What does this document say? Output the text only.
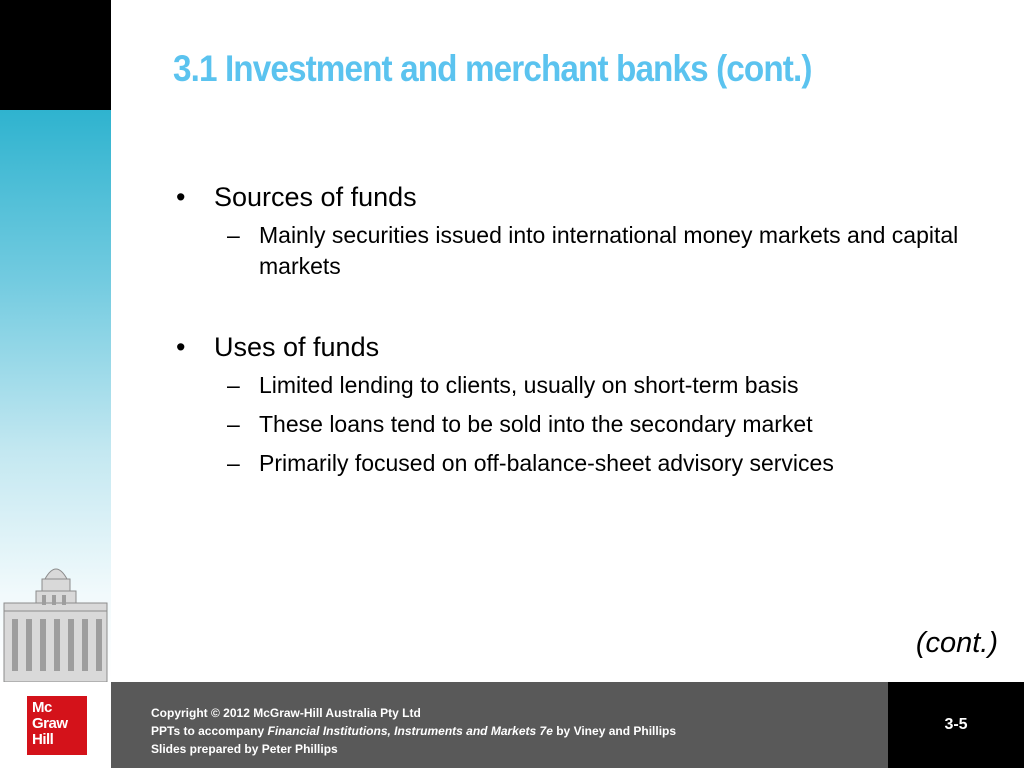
3.1 Investment and merchant banks (cont.)
• Sources of funds
– Mainly securities issued into international money markets and capital markets
• Uses of funds
– Limited lending to clients, usually on short-term basis
– These loans tend to be sold into the secondary market
– Primarily focused on off-balance-sheet advisory services
(cont.)
Mc
Graw
Hill
Copyright © 2012 McGraw-Hill Australia Pty Ltd
PPTs to accompany Financial Institutions, Instruments and Markets 7e by Viney and Phillips
Slides prepared by Peter Phillips
3-5
